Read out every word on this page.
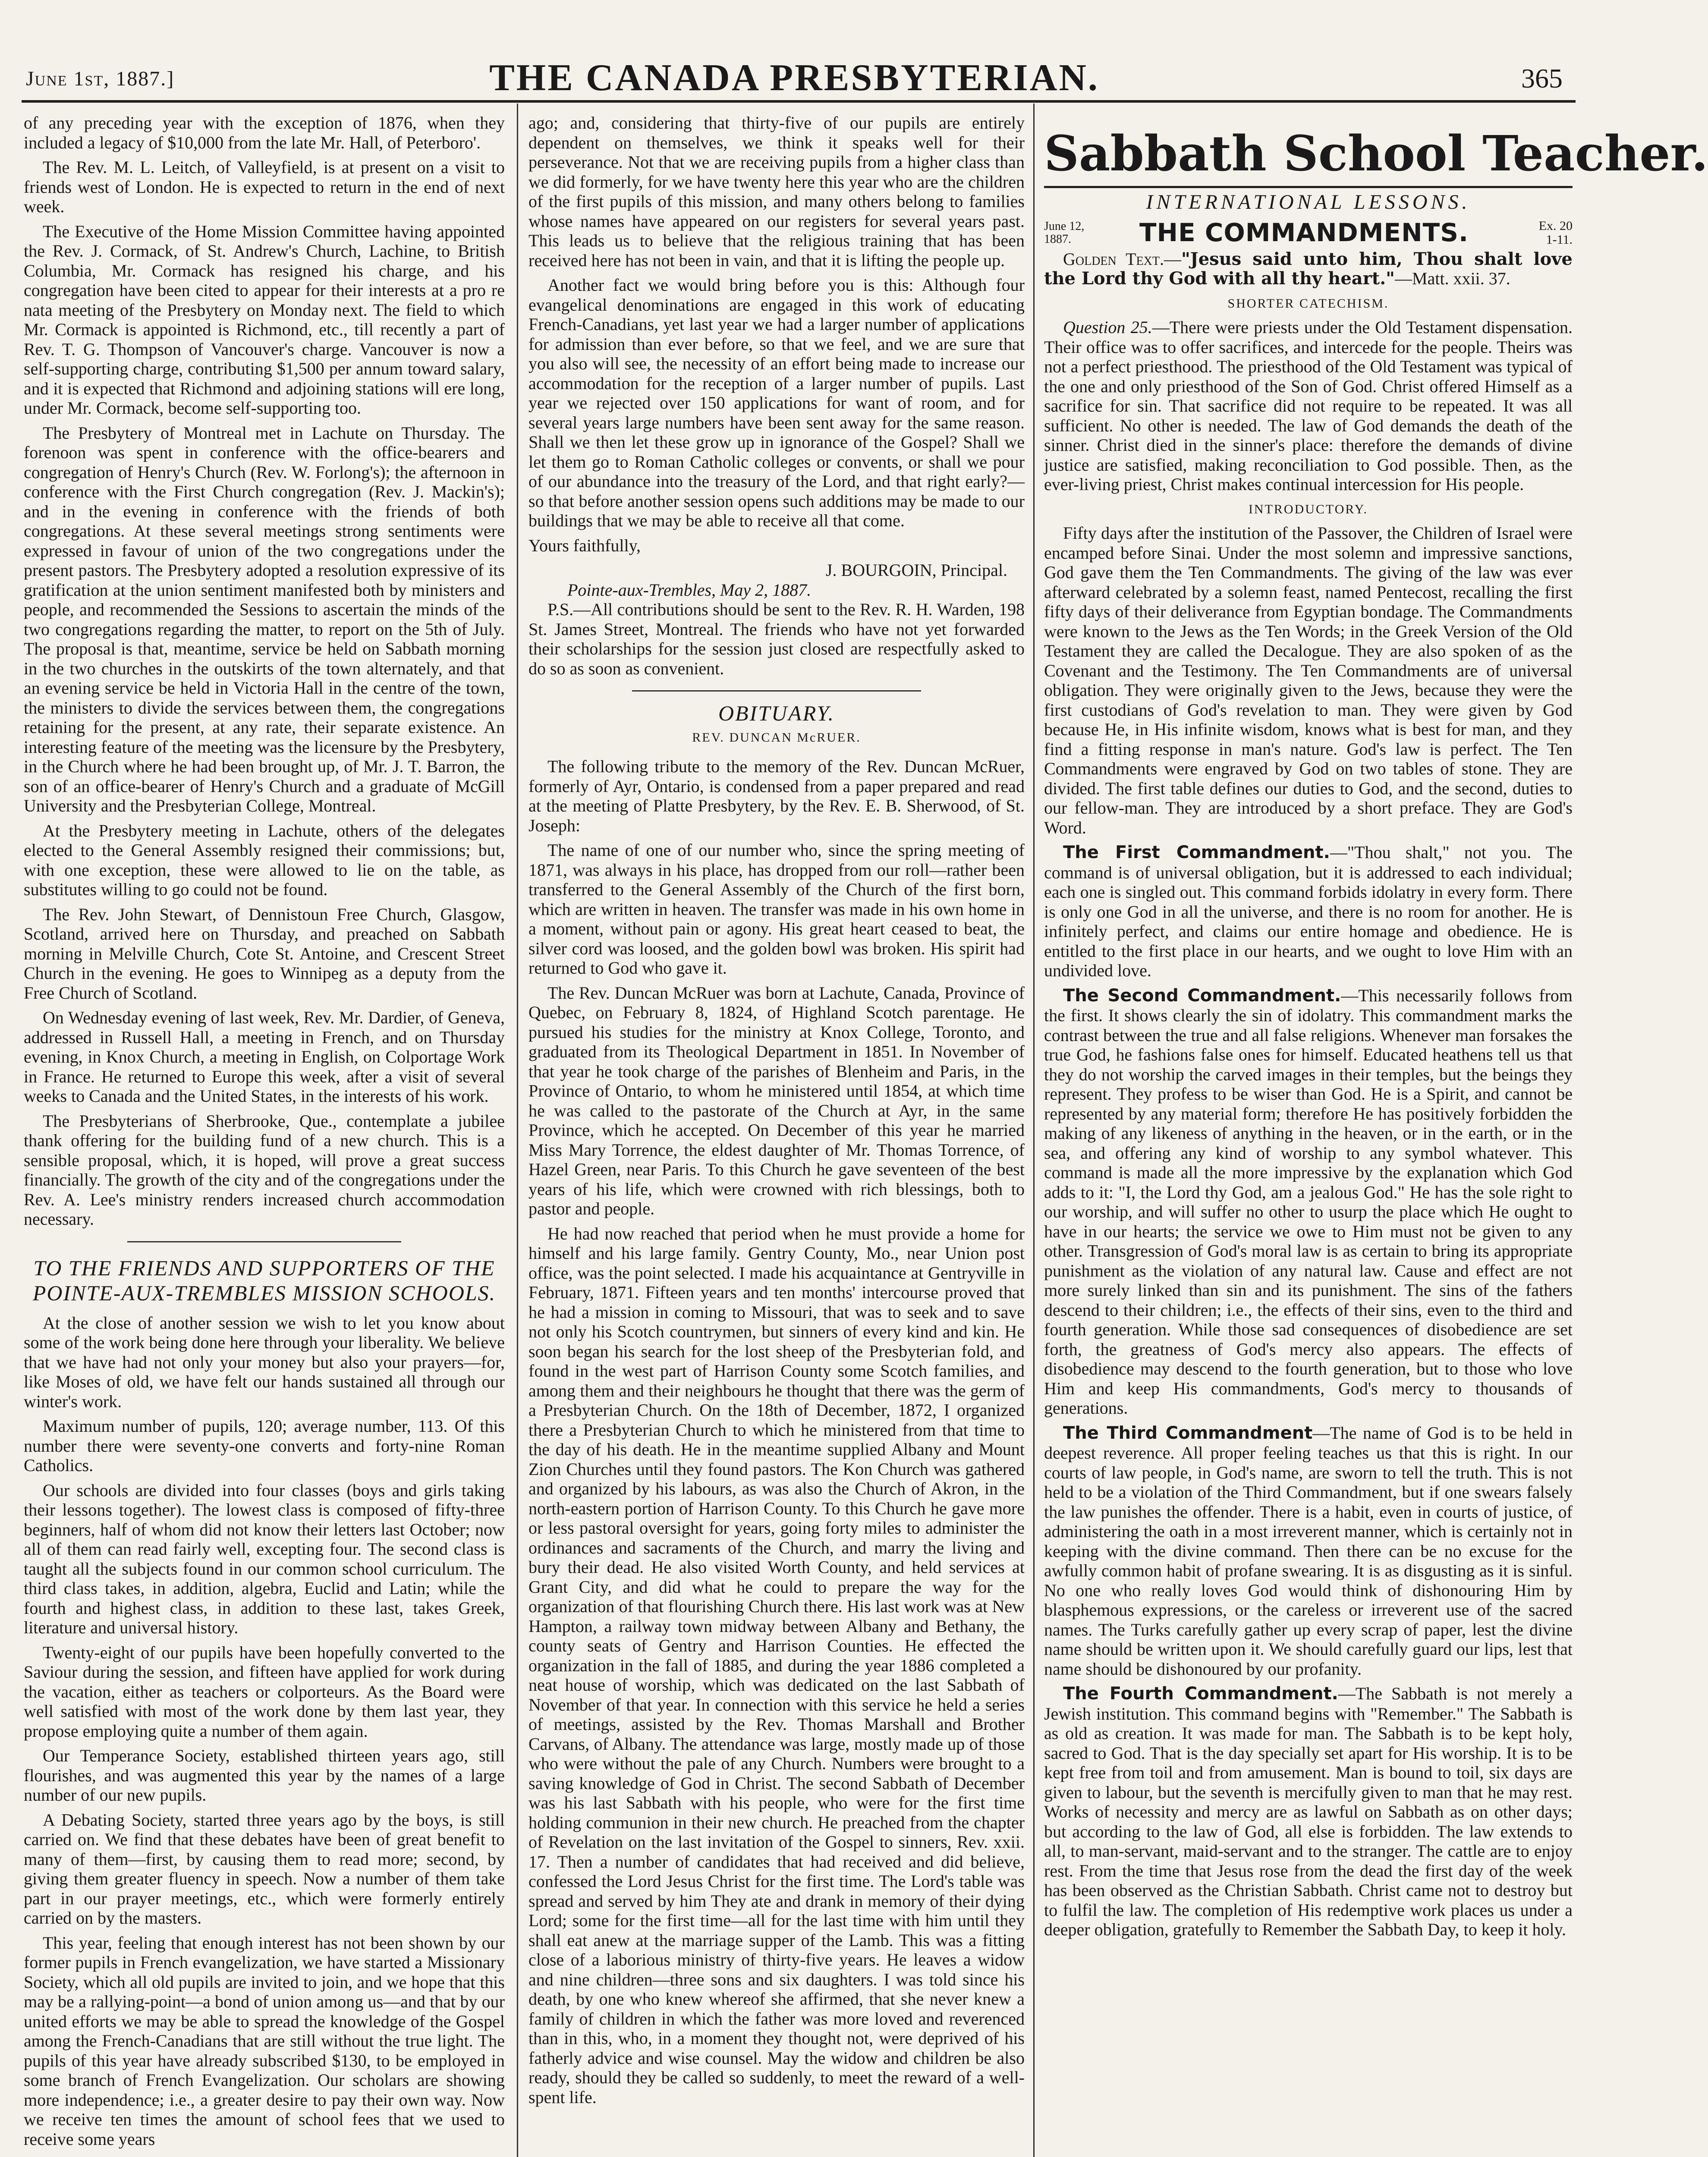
June 1st, 1887.]	THE CANADA PRESBYTERIAN.	365

of any preceding year with the exception of 1876, when they included a legacy of $10,000 from the late Mr. Hall, of Peterboro'.

The Rev. M. L. Leitch, of Valleyfield, is at present on a visit to friends west of London. He is expected to return in the end of next week.

The Executive of the Home Mission Committee having appointed the Rev. J. Cormack, of St. Andrew's Church, Lachine, to British Columbia, Mr. Cormack has resigned his charge, and his congregation have been cited to appear for their interests at a pro re nata meeting of the Presbytery on Monday next. The field to which Mr. Cormack is appointed is Richmond, etc., till recently a part of Rev. T. G. Thompson of Vancouver's charge. Vancouver is now a self-supporting charge, contributing $1,500 per annum toward salary, and it is expected that Richmond and adjoining stations will ere long, under Mr. Cormack, become self-supporting too.

The Presbytery of Montreal met in Lachute on Thursday. The forenoon was spent in conference with the office-bearers and congregation of Henry's Church (Rev. W. Forlong's); the afternoon in conference with the First Church congregation (Rev. J. Mackin's); and in the evening in conference with the friends of both congregations. At these several meetings strong sentiments were expressed in favour of union of the two congregations under the present pastors. The Presbytery adopted a resolution expressive of its gratification at the union sentiment manifested both by ministers and people, and recommended the Sessions to ascertain the minds of the two congregations regarding the matter, to report on the 5th of July. The proposal is that, meantime, service be held on Sabbath morning in the two churches in the outskirts of the town alternately, and that an evening service be held in Victoria Hall in the centre of the town, the ministers to divide the services between them, the congregations retaining for the present, at any rate, their separate existence. An interesting feature of the meeting was the licensure by the Presbytery, in the Church where he had been brought up, of Mr. J. T. Barron, the son of an office-bearer of Henry's Church and a graduate of McGill University and the Presbyterian College, Montreal.

At the Presbytery meeting in Lachute, others of the delegates elected to the General Assembly resigned their commissions; but, with one exception, these were allowed to lie on the table, as substitutes willing to go could not be found.

The Rev. John Stewart, of Dennistoun Free Church, Glasgow, Scotland, arrived here on Thursday, and preached on Sabbath morning in Melville Church, Cote St. Antoine, and Crescent Street Church in the evening. He goes to Winnipeg as a deputy from the Free Church of Scotland.

On Wednesday evening of last week, Rev. Mr. Dardier, of Geneva, addressed in Russell Hall, a meeting in French, and on Thursday evening, in Knox Church, a meeting in English, on Colportage Work in France. He returned to Europe this week, after a visit of several weeks to Canada and the United States, in the interests of his work.

The Presbyterians of Sherbrooke, Que., contemplate a jubilee thank offering for the building fund of a new church. This is a sensible proposal, which, it is hoped, will prove a great success financially. The growth of the city and of the congregations under the Rev. A. Lee's ministry renders increased church accommodation necessary.

TO THE FRIENDS AND SUPPORTERS OF THE POINTE-AUX-TREMBLES MISSION SCHOOLS.

At the close of another session we wish to let you know about some of the work being done here through your liberality. We believe that we have had not only your money but also your prayers—for, like Moses of old, we have felt our hands sustained all through our winter's work.

Maximum number of pupils, 120; average number, 113. Of this number there were seventy-one converts and forty-nine Roman Catholics.

Our schools are divided into four classes (boys and girls taking their lessons together). The lowest class is composed of fifty-three beginners, half of whom did not know their letters last October; now all of them can read fairly well, excepting four. The second class is taught all the subjects found in our common school curriculum. The third class takes, in addition, algebra, Euclid and Latin; while the fourth and highest class, in addition to these last, takes Greek, literature and universal history.

Twenty-eight of our pupils have been hopefully converted to the Saviour during the session, and fifteen have applied for work during the vacation, either as teachers or colporteurs. As the Board were well satisfied with most of the work done by them last year, they propose employing quite a number of them again.

Our Temperance Society, established thirteen years ago, still flourishes, and was augmented this year by the names of a large number of our new pupils.

A Debating Society, started three years ago by the boys, is still carried on. We find that these debates have been of great benefit to many of them—first, by causing them to read more; second, by giving them greater fluency in speech. Now a number of them take part in our prayer meetings, etc., which were formerly entirely carried on by the masters.

This year, feeling that enough interest has not been shown by our former pupils in French evangelization, we have started a Missionary Society, which all old pupils are invited to join, and we hope that this may be a rallying-point—a bond of union among us—and that by our united efforts we may be able to spread the knowledge of the Gospel among the French-Canadians that are still without the true light. The pupils of this year have already subscribed $130, to be employed in some branch of French Evangelization. Our scholars are showing more independence; i.e., a greater desire to pay their own way. Now we receive ten times the amount of school fees that we used to receive some years

ago; and, considering that thirty-five of our pupils are entirely dependent on themselves, we think it speaks well for their perseverance. Not that we are receiving pupils from a higher class than we did formerly, for we have twenty here this year who are the children of the first pupils of this mission, and many others belong to families whose names have appeared on our registers for several years past. This leads us to believe that the religious training that has been received here has not been in vain, and that it is lifting the people up.

Another fact we would bring before you is this: Although four evangelical denominations are engaged in this work of educating French-Canadians, yet last year we had a larger number of applications for admission than ever before, so that we feel, and we are sure that you also will see, the necessity of an effort being made to increase our accommodation for the reception of a larger number of pupils. Last year we rejected over 150 applications for want of room, and for several years large numbers have been sent away for the same reason. Shall we then let these grow up in ignorance of the Gospel? Shall we let them go to Roman Catholic colleges or convents, or shall we pour of our abundance into the treasury of the Lord, and that right early?—so that before another session opens such additions may be made to our buildings that we may be able to receive all that come.

Yours faithfully,

J. BOURGOIN, Principal.
Pointe-aux-Trembles, May 2, 1887.

P.S.—All contributions should be sent to the Rev. R. H. Warden, 198 St. James Street, Montreal. The friends who have not yet forwarded their scholarships for the session just closed are respectfully asked to do so as soon as convenient.

OBITUARY.
REV. DUNCAN McRUER.

The following tribute to the memory of the Rev. Duncan McRuer, formerly of Ayr, Ontario, is condensed from a paper prepared and read at the meeting of Platte Presbytery, by the Rev. E. B. Sherwood, of St. Joseph:

The name of one of our number who, since the spring meeting of 1871, was always in his place, has dropped from our roll—rather been transferred to the General Assembly of the Church of the first born, which are written in heaven. The transfer was made in his own home in a moment, without pain or agony. His great heart ceased to beat, the silver cord was loosed, and the golden bowl was broken. His spirit had returned to God who gave it.

The Rev. Duncan McRuer was born at Lachute, Canada, Province of Quebec, on February 8, 1824, of Highland Scotch parentage. He pursued his studies for the ministry at Knox College, Toronto, and graduated from its Theological Department in 1851. In November of that year he took charge of the parishes of Blenheim and Paris, in the Province of Ontario, to whom he ministered until 1854, at which time he was called to the pastorate of the Church at Ayr, in the same Province, which he accepted. On December of this year he married Miss Mary Torrence, the eldest daughter of Mr. Thomas Torrence, of Hazel Green, near Paris. To this Church he gave seventeen of the best years of his life, which were crowned with rich blessings, both to pastor and people.

He had now reached that period when he must provide a home for himself and his large family. Gentry County, Mo., near Union post office, was the point selected. I made his acquaintance at Gentryville in February, 1871. Fifteen years and ten months' intercourse proved that he had a mission in coming to Missouri, that was to seek and to save not only his Scotch countrymen, but sinners of every kind and kin. He soon began his search for the lost sheep of the Presbyterian fold, and found in the west part of Harrison County some Scotch families, and among them and their neighbours he thought that there was the germ of a Presbyterian Church. On the 18th of December, 1872, I organized there a Presbyterian Church to which he ministered from that time to the day of his death. He in the meantime supplied Albany and Mount Zion Churches until they found pastors. The Kon Church was gathered and organized by his labours, as was also the Church of Akron, in the north-eastern portion of Harrison County. To this Church he gave more or less pastoral oversight for years, going forty miles to administer the ordinances and sacraments of the Church, and marry the living and bury their dead. He also visited Worth County, and held services at Grant City, and did what he could to prepare the way for the organization of that flourishing Church there. His last work was at New Hampton, a railway town midway between Albany and Bethany, the county seats of Gentry and Harrison Counties. He effected the organization in the fall of 1885, and during the year 1886 completed a neat house of worship, which was dedicated on the last Sabbath of November of that year. In connection with this service he held a series of meetings, assisted by the Rev. Thomas Marshall and Brother Carvans, of Albany. The attendance was large, mostly made up of those who were without the pale of any Church. Numbers were brought to a saving knowledge of God in Christ. The second Sabbath of December was his last Sabbath with his people, who were for the first time holding communion in their new church. He preached from the chapter of Revelation on the last invitation of the Gospel to sinners, Rev. xxii. 17. Then a number of candidates that had received and did believe, confessed the Lord Jesus Christ for the first time. The Lord's table was spread and served by him They ate and drank in memory of their dying Lord; some for the first time—all for the last time with him until they shall eat anew at the marriage supper of the Lamb. This was a fitting close of a laborious ministry of thirty-five years. He leaves a widow and nine children—three sons and six daughters. I was told since his death, by one who knew whereof she affirmed, that she never knew a family of children in which the father was more loved and reverenced than in this, who, in a moment they thought not, were deprived of his fatherly advice and wise counsel. May the widow and children be also ready, should they be called so suddenly, to meet the reward of a well-spent life.

Sabbath School Teacher.
INTERNATIONAL LESSONS.
June 12,
1887.	THE COMMANDMENTS.	Ex. 20
1-11.

Golden Text.—"Jesus said unto him, Thou shalt love the Lord thy God with all thy heart."—Matt. xxii. 37.

SHORTER CATECHISM.

Question 25.—There were priests under the Old Testament dispensation. Their office was to offer sacrifices, and intercede for the people. Theirs was not a perfect priesthood. The priesthood of the Old Testament was typical of the one and only priesthood of the Son of God. Christ offered Himself as a sacrifice for sin. That sacrifice did not require to be repeated. It was all sufficient. No other is needed. The law of God demands the death of the sinner. Christ died in the sinner's place: therefore the demands of divine justice are satisfied, making reconciliation to God possible. Then, as the ever-living priest, Christ makes continual intercession for His people.

INTRODUCTORY.

Fifty days after the institution of the Passover, the Children of Israel were encamped before Sinai. Under the most solemn and impressive sanctions, God gave them the Ten Commandments. The giving of the law was ever afterward celebrated by a solemn feast, named Pentecost, recalling the first fifty days of their deliverance from Egyptian bondage. The Commandments were known to the Jews as the Ten Words; in the Greek Version of the Old Testament they are called the Decalogue. They are also spoken of as the Covenant and the Testimony. The Ten Commandments are of universal obligation. They were originally given to the Jews, because they were the first custodians of God's revelation to man. They were given by God because He, in His infinite wisdom, knows what is best for man, and they find a fitting response in man's nature. God's law is perfect. The Ten Commandments were engraved by God on two tables of stone. They are divided. The first table defines our duties to God, and the second, duties to our fellow-man. They are introduced by a short preface. They are God's Word.

The First Commandment.—"Thou shalt," not you. The command is of universal obligation, but it is addressed to each individual; each one is singled out. This command forbids idolatry in every form. There is only one God in all the universe, and there is no room for another. He is infinitely perfect, and claims our entire homage and obedience. He is entitled to the first place in our hearts, and we ought to love Him with an undivided love.

The Second Commandment.—This necessarily follows from the first. It shows clearly the sin of idolatry. This commandment marks the contrast between the true and all false religions. Whenever man forsakes the true God, he fashions false ones for himself. Educated heathens tell us that they do not worship the carved images in their temples, but the beings they represent. They profess to be wiser than God. He is a Spirit, and cannot be represented by any material form; therefore He has positively forbidden the making of any likeness of anything in the heaven, or in the earth, or in the sea, and offering any kind of worship to any symbol whatever. This command is made all the more impressive by the explanation which God adds to it: "I, the Lord thy God, am a jealous God." He has the sole right to our worship, and will suffer no other to usurp the place which He ought to have in our hearts; the service we owe to Him must not be given to any other. Transgression of God's moral law is as certain to bring its appropriate punishment as the violation of any natural law. Cause and effect are not more surely linked than sin and its punishment. The sins of the fathers descend to their children; i.e., the effects of their sins, even to the third and fourth generation. While those sad consequences of disobedience are set forth, the greatness of God's mercy also appears. The effects of disobedience may descend to the fourth generation, but to those who love Him and keep His commandments, God's mercy to thousands of generations.

The Third Commandment—The name of God is to be held in deepest reverence. All proper feeling teaches us that this is right. In our courts of law people, in God's name, are sworn to tell the truth. This is not held to be a violation of the Third Commandment, but if one swears falsely the law punishes the offender. There is a habit, even in courts of justice, of administering the oath in a most irreverent manner, which is certainly not in keeping with the divine command. Then there can be no excuse for the awfully common habit of profane swearing. It is as disgusting as it is sinful. No one who really loves God would think of dishonouring Him by blasphemous expressions, or the careless or irreverent use of the sacred names. The Turks carefully gather up every scrap of paper, lest the divine name should be written upon it. We should carefully guard our lips, lest that name should be dishonoured by our profanity.

The Fourth Commandment.—The Sabbath is not merely a Jewish institution. This command begins with "Remember." The Sabbath is as old as creation. It was made for man. The Sabbath is to be kept holy, sacred to God. That is the day specially set apart for His worship. It is to be kept free from toil and from amusement. Man is bound to toil, six days are given to labour, but the seventh is mercifully given to man that he may rest. Works of necessity and mercy are as lawful on Sabbath as on other days; but according to the law of God, all else is forbidden. The law extends to all, to man-servant, maid-servant and to the stranger. The cattle are to enjoy rest. From the time that Jesus rose from the dead the first day of the week has been observed as the Christian Sabbath. Christ came not to destroy but to fulfil the law. The completion of His redemptive work places us under a deeper obligation, gratefully to Remember the Sabbath Day, to keep it holy.
